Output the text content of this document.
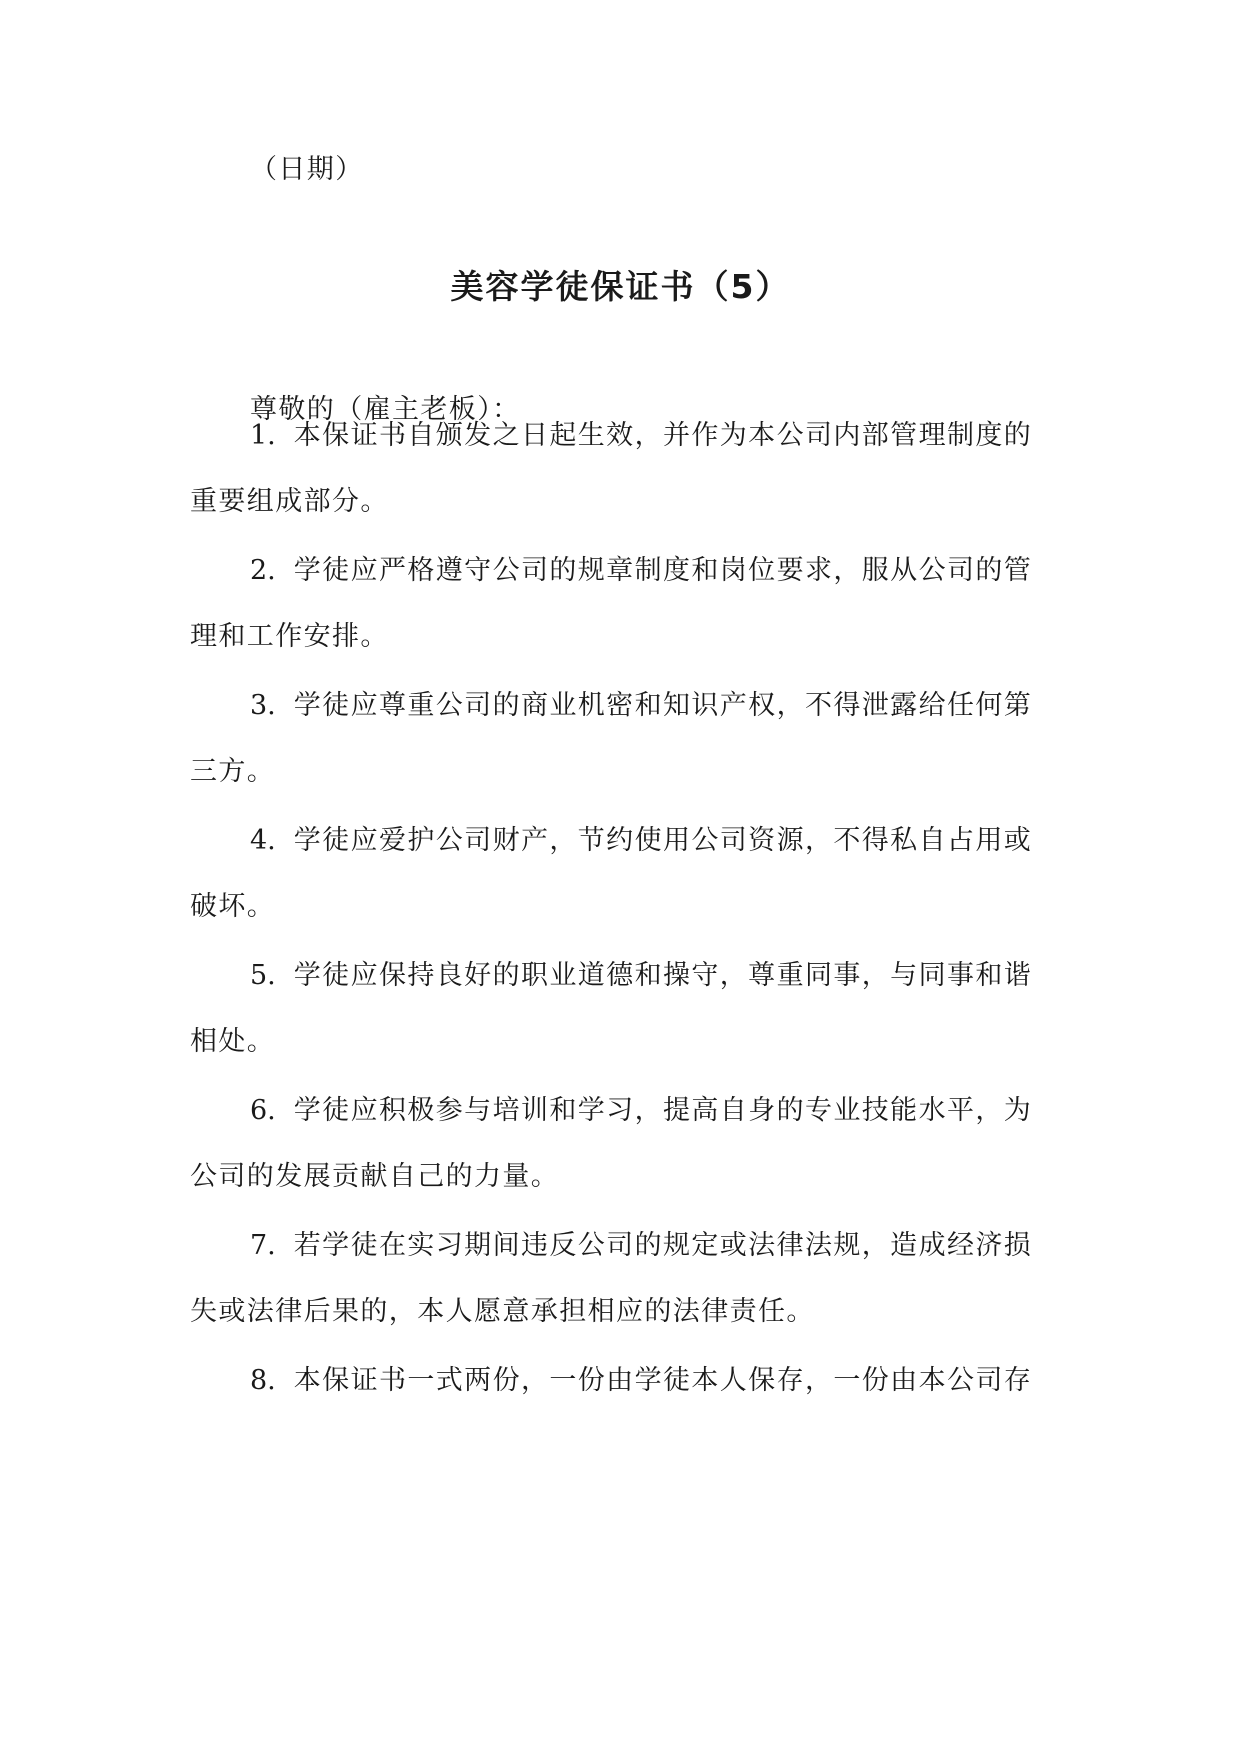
（日期）
美容学徒保证书（5）
尊敬的（雇主老板）：
1. 本保证书自颁发之日起生效，并作为本公司内部管理制度的
重要组成部分。
2. 学徒应严格遵守公司的规章制度和岗位要求，服从公司的管
理和工作安排。
3. 学徒应尊重公司的商业机密和知识产权，不得泄露给任何第
三方。
4. 学徒应爱护公司财产，节约使用公司资源，不得私自占用或
破坏。
5. 学徒应保持良好的职业道德和操守，尊重同事，与同事和谐
相处。
6. 学徒应积极参与培训和学习，提高自身的专业技能水平，为
公司的发展贡献自己的力量。
7. 若学徒在实习期间违反公司的规定或法律法规，造成经济损
失或法律后果的，本人愿意承担相应的法律责任。
8. 本保证书一式两份，一份由学徒本人保存，一份由本公司存
